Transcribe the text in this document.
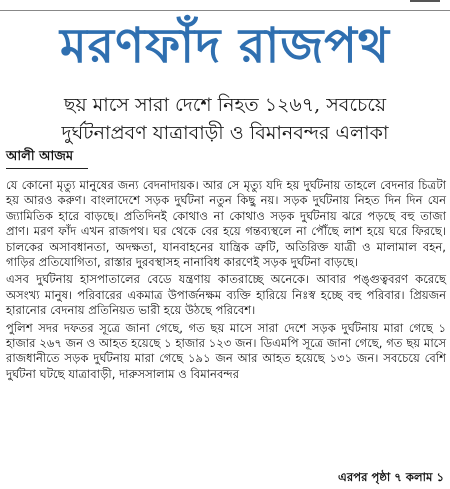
মরণফাঁদ রাজপথ
ছয় মাসে সারা দেশে নিহত ১২৬৭, সবচেয়ে
দুর্ঘটনাপ্রবণ যাত্রাবাড়ী ও বিমানবন্দর এলাকা
আলী আজম

যে কোনো মৃত্যু মানুষের জন্য বেদনাদায়ক। আর সে মৃত্যু যদি হয় দুর্ঘটনায় তাহলে বেদনার চিত্রটা হয় আরও করুণ। বাংলাদেশে সড়ক দুর্ঘটনা নতুন কিছু নয়। সড়ক দুর্ঘটনায় নিহত দিন দিন যেন জ্যামিতিক হারে বাড়ছে। প্রতিদিনই কোথাও না কোথাও সড়ক দুর্ঘটনায় ঝরে পড়ছে বহু তাজা প্রাণ। মরণ ফাঁদ এখন রাজপথ। ঘর থেকে বের হয়ে গন্তব্যস্থলে না পৌঁছে লাশ হয়ে ঘরে ফিরছে। চালকের অসাবধানতা, অদক্ষতা, যানবাহনের যান্ত্রিক ত্রুটি, অতিরিক্ত যাত্রী ও মালামাল বহন, গাড়ির প্রতিযোগিতা, রাস্তার দুরবস্থাসহ নানাবিধ কারণেই সড়ক দুর্ঘটনা বাড়ছে।

এসব দুর্ঘটনায় হাসপাতালের বেডে যন্ত্রণায় কাতরাচ্ছে অনেকে। আবার পঙ্গুত্ববরণ করেছে অসংখ্য মানুষ। পরিবারের একমাত্র উপার্জনক্ষম ব্যক্তি হারিয়ে নিঃস্ব হচ্ছে বহু পরিবার। প্রিয়জন হারানোর বেদনায় প্রতিনিয়ত ভারী হয়ে উঠছে পরিবেশ।

পুলিশ সদর দফতর সূত্রে জানা গেছে, গত ছয় মাসে সারা দেশে সড়ক দুর্ঘটনায় মারা গেছে ১ হাজার ২৬৭ জন ও আহত হয়েছে ১ হাজার ১২৩ জন। ডিএমপি সূত্রে জানা গেছে, গত ছয় মাসে রাজধানীতে সড়ক দুর্ঘটনায় মারা গেছে ১৯১ জন আর আহত হয়েছে ১৩১ জন। সবচেয়ে বেশি দুর্ঘটনা ঘটছে যাত্রাবাড়ী, দারুসসালাম ও বিমানবন্দর

এরপর পৃষ্ঠা ৭ কলাম ১
